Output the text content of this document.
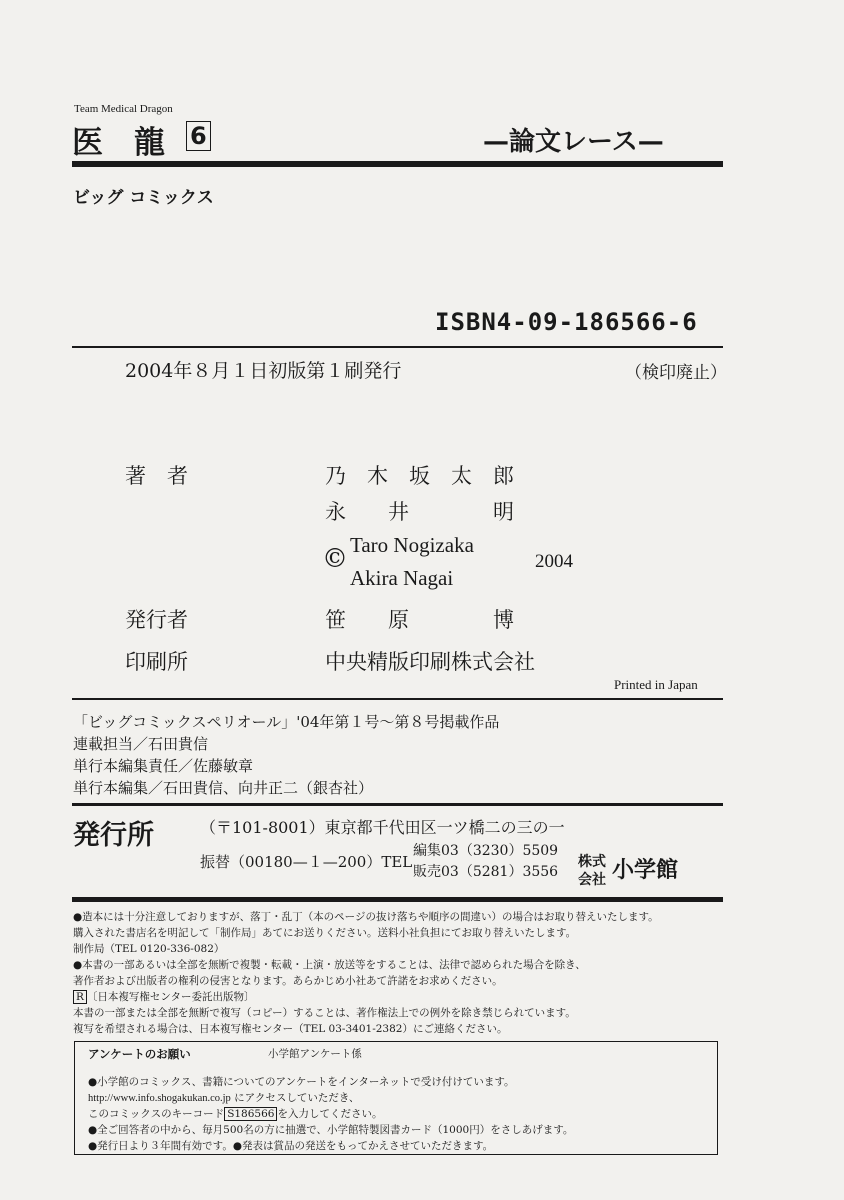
Team Medical Dragon
医　龍 6	—論文レース—
ビッグ コミックス
ISBN4-09-186566-6
2004年８月１日初版第１刷発行	（検印廃止）
著　者	乃　木　坂　太　郎
永　　井　　　　明
© Taro Nogizaka
Akira Nagai
2004
発行者	笹　　原　　　　博
印刷所	中央精版印刷株式会社
Printed in Japan
「ビッグコミックスペリオール」'04年第１号〜第８号掲載作品
連載担当／石田貴信
単行本編集責任／佐藤敏章
単行本編集／石田貴信、向井正二（銀杏社）
発行所	（〒101-8001）東京都千代田区一ツ橋二の三の一
振替（00180—１—200）TEL
編集03（3230）5509
販売03（5281）3556
株式
会社 小学館
●造本には十分注意しておりますが、落丁・乱丁（本のページの抜け落ちや順序の間違い）の場合はお取り替えいたします。
購入された書店名を明記して「制作局」あてにお送りください。送料小社負担にてお取り替えいたします。
制作局（TEL 0120-336-082）
●本書の一部あるいは全部を無断で複製・転載・上演・放送等をすることは、法律で認められた場合を除き、
著作者および出版者の権利の侵害となります。あらかじめ小社あて許諾をお求めください。
R 〔日本複写権センター委託出版物〕
本書の一部または全部を無断で複写（コピー）することは、著作権法上での例外を除き禁じられています。
複写を希望される場合は、日本複写権センター（TEL 03-3401-2382）にご連絡ください。
アンケートのお願い	小学館アンケート係
●小学館のコミックス、書籍についてのアンケートをインターネットで受け付けています。
http://www.info.shogakukan.co.jp にアクセスしていただき、
このコミックスのキーコード S186566 を入力してください。
●全ご回答者の中から、毎月500名の方に抽選で、小学館特製図書カード（1000円）をさしあげます。
●発行日より３年間有効です。●発表は賞品の発送をもってかえさせていただきます。
